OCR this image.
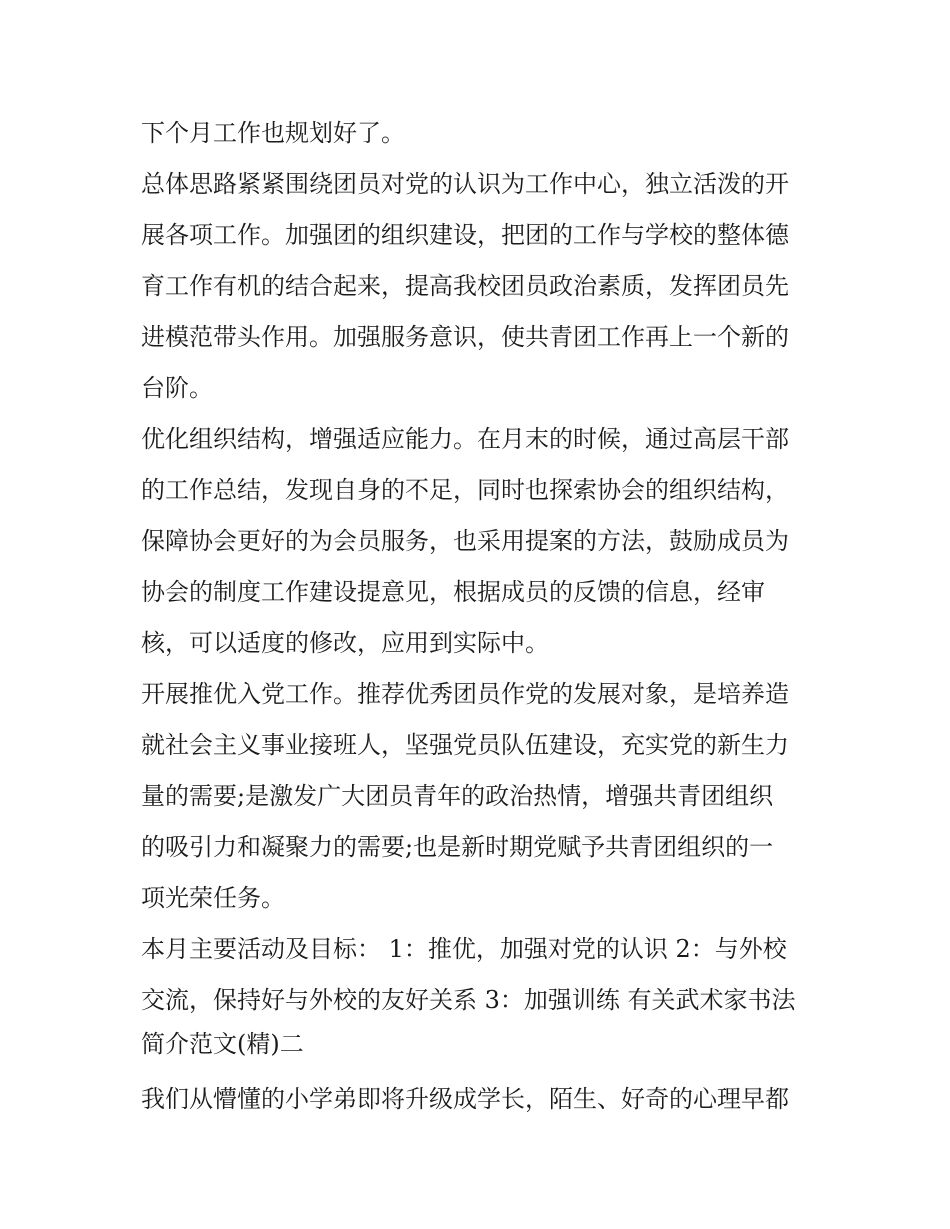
下个月工作也规划好了。
总体思路紧紧围绕团员对党的认识为工作中心，独立活泼的开
展各项工作。加强团的组织建设，把团的工作与学校的整体德
育工作有机的结合起来，提高我校团员政治素质，发挥团员先
进模范带头作用。加强服务意识，使共青团工作再上一个新的
台阶。
优化组织结构，增强适应能力。在月末的时候，通过高层干部
的工作总结，发现自身的不足，同时也探索协会的组织结构，
保障协会更好的为会员服务，也采用提案的方法，鼓励成员为
协会的制度工作建设提意见，根据成员的反馈的信息，经审
核，可以适度的修改，应用到实际中。
开展推优入党工作。推荐优秀团员作党的发展对象，是培养造
就社会主义事业接班人，坚强党员队伍建设，充实党的新生力
量的需要;是激发广大团员青年的政治热情，增强共青团组织
的吸引力和凝聚力的需要;也是新时期党赋予共青团组织的一
项光荣任务。
本月主要活动及目标： 1：推优，加强对党的认识 2：与外校
交流，保持好与外校的友好关系 3：加强训练 有关武术家书法
简介范文(精)二
我们从懵懂的小学弟即将升级成学长，陌生、好奇的心理早都
